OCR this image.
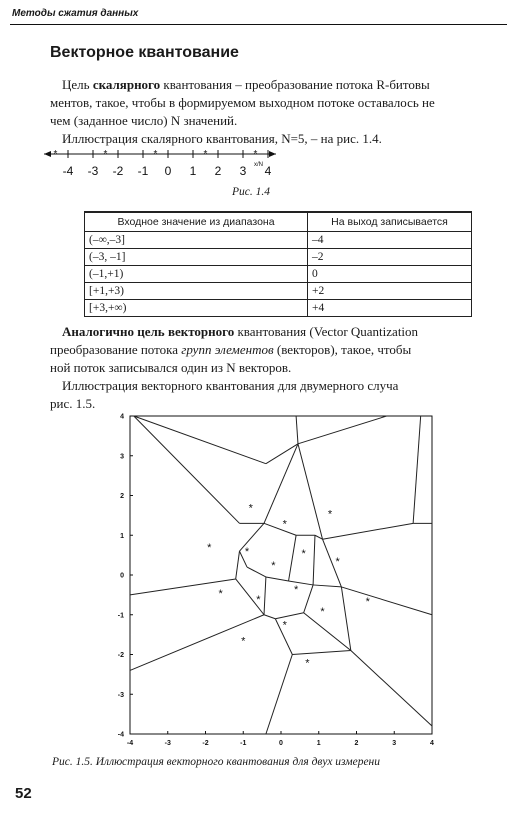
Методы сжатия данных
Векторное квантование
Цель скалярного квантования – преобразование потока R-битовы
ментов, такое, чтобы в формируемом выходном потоке оставалось не
чем (заданное число) N значений.
Иллюстрация скалярного квантования, N=5, – на рис. 1.4.
*	*	*	*	*
-4 -3 -2 -1 0 1 2 3 4
x/N
Рис. 1.4
Входное значение из диапазона	На выход записывается
(–∞,–3]	–4
(–3, –1]	–2
(–1,+1)	0
[+1,+3)	+2
[+3,+∞)	+4
Аналогично цель векторного квантования (Vector Quantization
преобразование потока групп элементов (векторов), такое, чтобы
ной поток записывался один из N векторов.
Иллюстрация векторного квантования для двумерного случа
рис. 1.5.
-4	-3	-2	-1	0	1	2	3	4
4
3
2
1
0
-1
-2
-3
-4
*
*
*
*	*
*
*
*
*	*
*
*
*
*
*
*
Рис. 1.5. Иллюстрация векторного квантования для двух измерени
52
